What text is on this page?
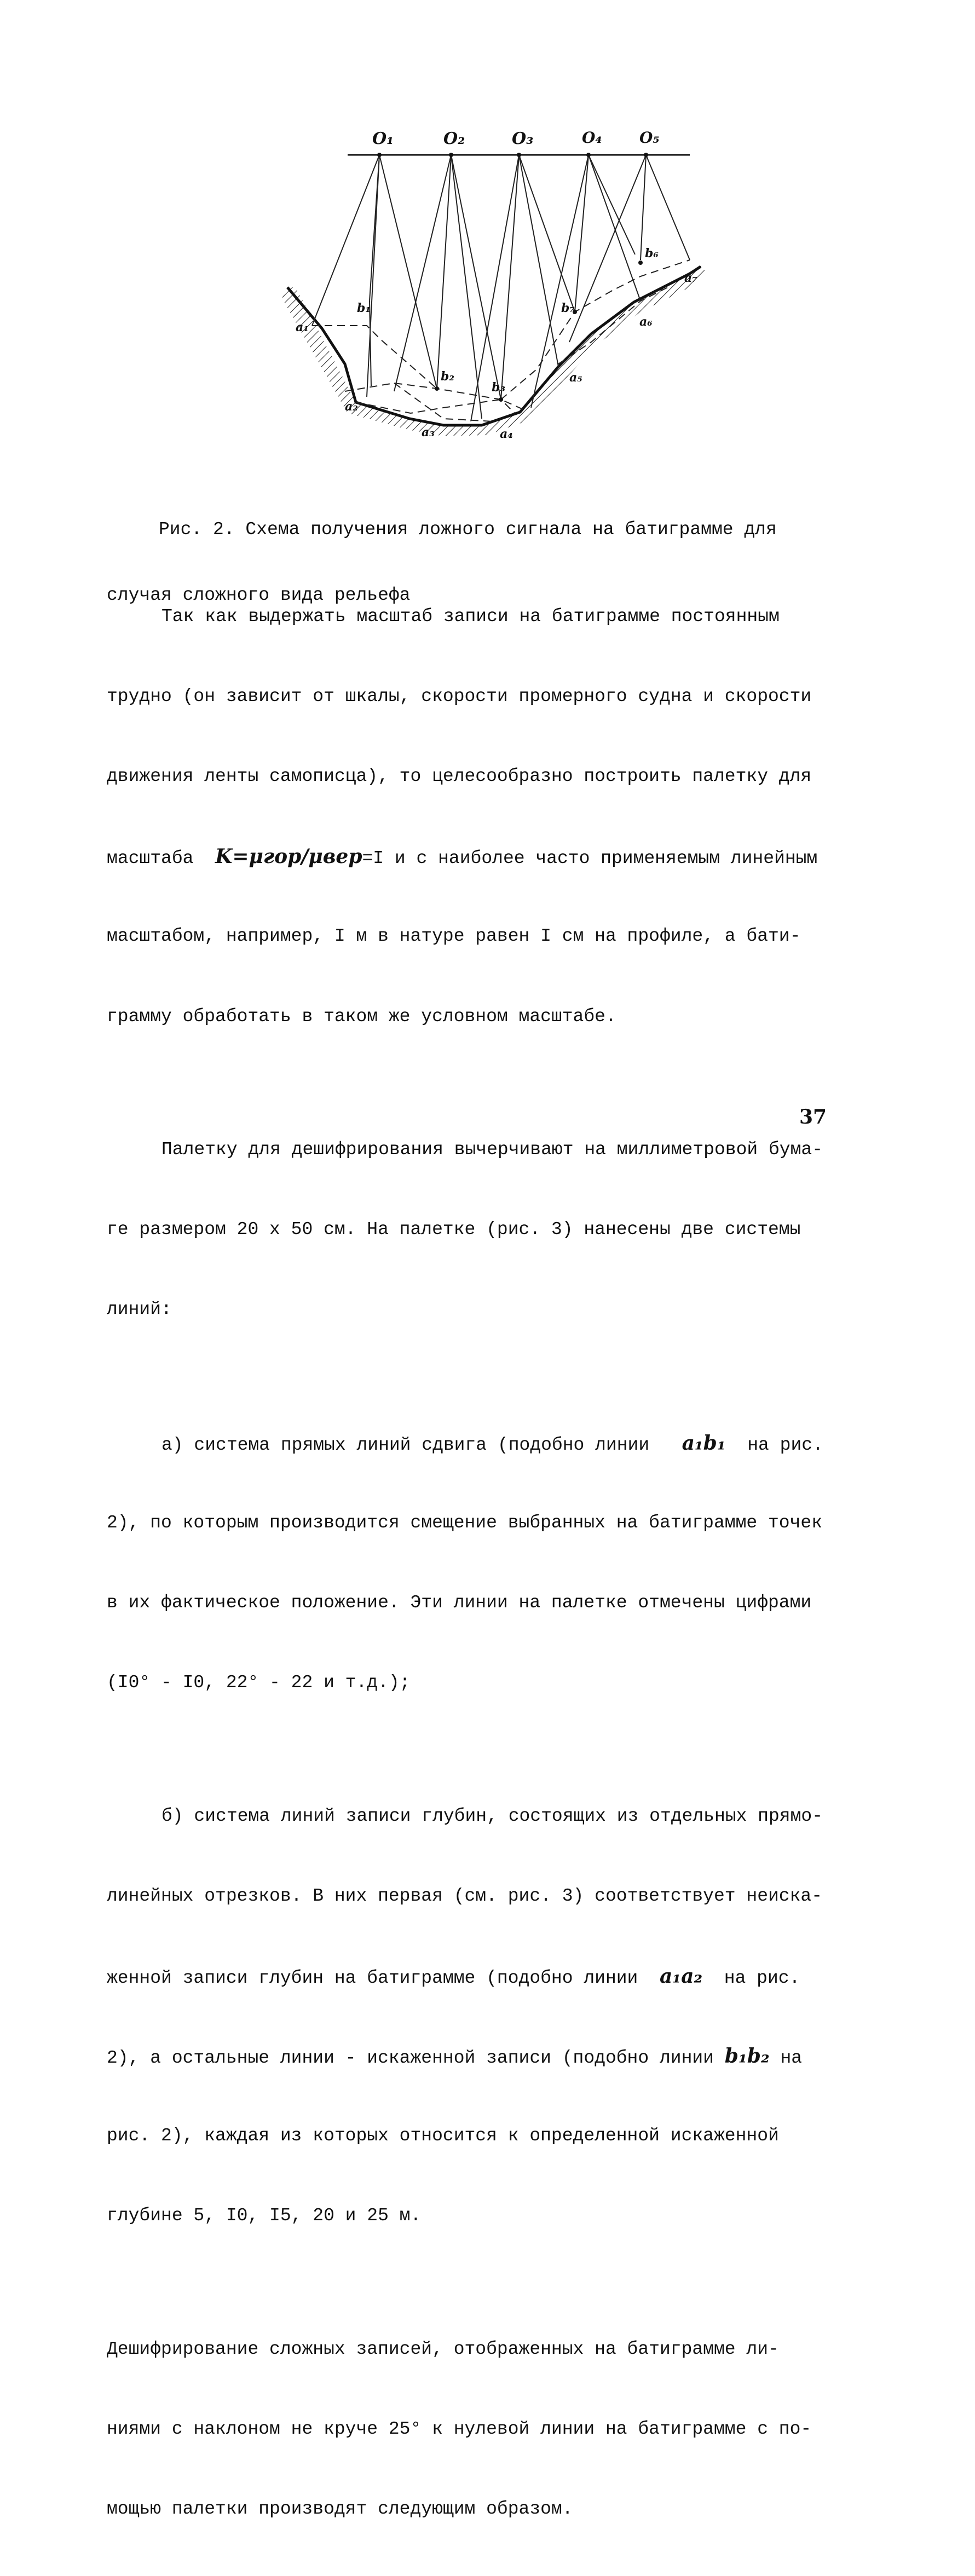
O₁	O₂	O₃	O₄ O₅
b₁
b₂
b₃
b₇
b₆
a₁
a₂
a₃	a₄
a₅
a₆
a₇

Рис. 2. Схема получения ложного сигнала на батиграмме для

случая сложного вида рельефа

Так как выдержать масштаб записи на батиграмме постоянным

трудно (он зависит от шкалы, скорости промерного судна и скорости

движения ленты самописца), то целесообразно построить палетку для

масштаба K=μгор/μвер=I и с наиболее часто применяемым линейным

масштабом, например, I м в натуре равен I см на профиле, а бати-

грамму обработать в таком же условном масштабе.

Палетку для дешифрирования вычерчивают на миллиметровой бума-

ге размером 20 х 50 см. На палетке (рис. 3) нанесены две системы

линий:

а) система прямых линий сдвига (подобно линии a₁b₁ на рис.

2), по которым производится смещение выбранных на батиграмме точек

в их фактическое положение. Эти линии на палетке отмечены цифрами

(I0° - I0, 22° - 22 и т.д.);

б) система линий записи глубин, состоящих из отдельных прямо-

линейных отрезков. В них первая (см. рис. 3) соответствует неиска-

женной записи глубин на батиграмме (подобно линии a₁a₂ на рис.

2), а остальные линии - искаженной записи (подобно линии b₁b₂ на

рис. 2), каждая из которых относится к определенной искаженной

глубине 5, I0, I5, 20 и 25 м.

Дешифрирование сложных записей, отображенных на батиграмме ли-

ниями с наклоном не круче 25° к нулевой линии на батиграмме с по-

мощью палетки производят следующим образом.

37
